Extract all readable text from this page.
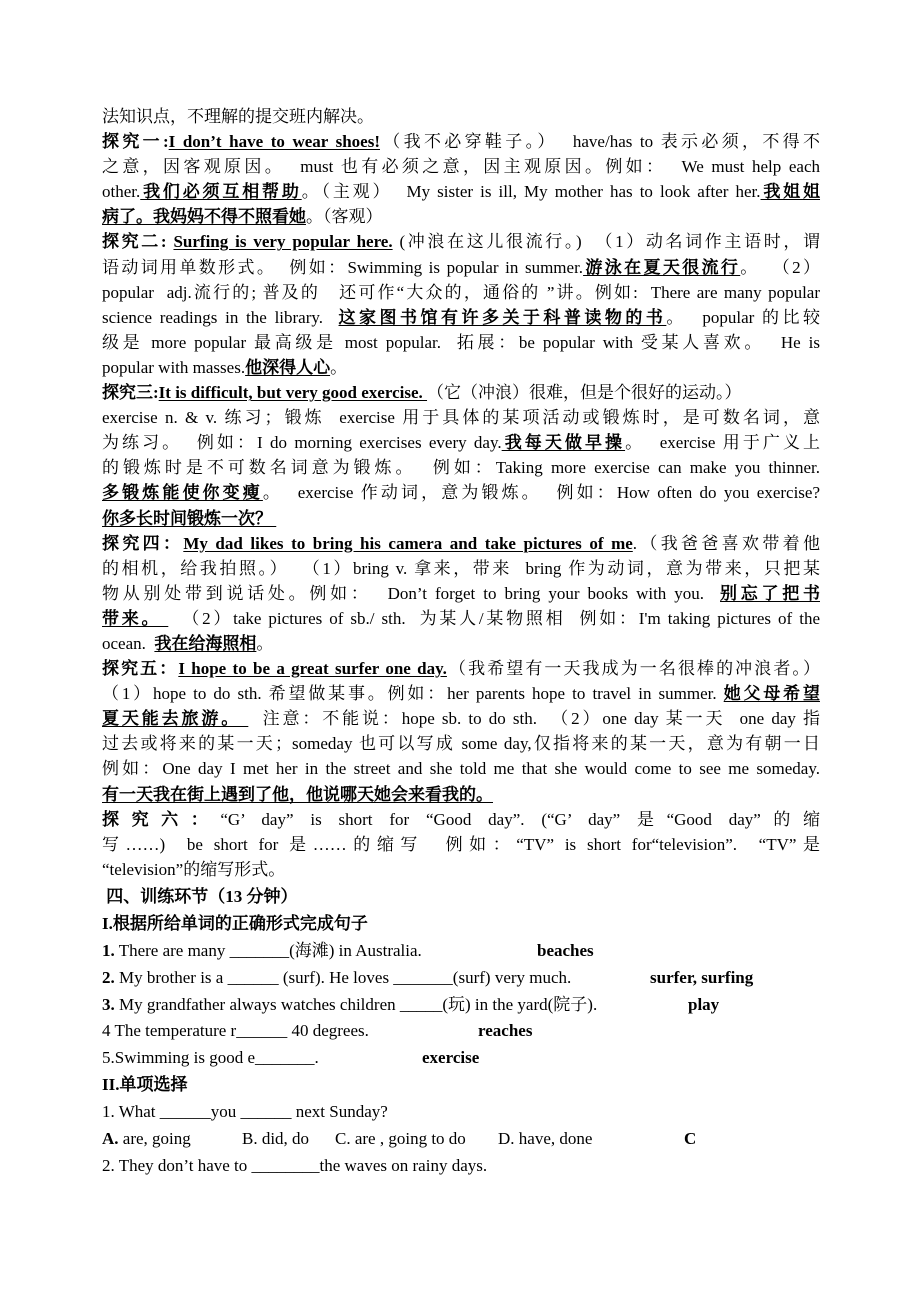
法知识点，不理解的提交班内解决。
探究一:I don’t have to wear shoes!（我不必穿鞋子。）  have/has to 表示必须，不得不
之意，因客观原因。  must 也有必须之意，因主观原因。例如：  We must help each
other.我们必须互相帮助。（主观）  My sister is ill, My mother has to look after her.我姐姐
病了。我妈妈不得不照看她。（客观）
探究二: Surfing is very popular here. (冲浪在这儿很流行。)  （1）动名词作主语时，谓
语动词用单数形式。  例如：Swimming is popular in summer.游泳在夏天很流行。  （2）
popular  adj.流行的; 普及的   还可作“大众的，通俗的 ”讲。例如:  There are many popular
science readings in the library.  这家图书馆有许多关于科普读物的书。  popular 的比较
级是 more popular 最高级是 most popular.  拓展：be popular with 受某人喜欢。  He is
popular with masses.他深得人心。
探究三:It is difficult, but very good exercise. （它（冲浪）很难，但是个很好的运动。）
exercise n. & v. 练习；锻炼  exercise 用于具体的某项活动或锻炼时，是可数名词，意
为练习。  例如：I do morning exercises every day.我每天做早操。  exercise 用于广义上
的锻炼时是不可数名词意为锻炼。  例如：Taking more exercise can make you thinner.
多锻炼能使你变瘦。  exercise 作动词，意为锻炼。  例如：How often do you exercise?
你多长时间锻炼一次？
探究四：My dad likes to bring his camera and take pictures of me.（我爸爸喜欢带着他
的相机，给我拍照。）  （1）bring v. 拿来，带来  bring 作为动词，意为带来，只把某
物从别处带到说话处。例如：  Don’t forget to bring your books with you.  别忘了把书
带来。   （2）take pictures of sb./ sth.  为某人/某物照相  例如：I'm taking pictures of the
ocean.  我在给海照相。
探究五：I hope to be a great surfer one day.（我希望有一天我成为一名很棒的冲浪者。）
（1）hope to do sth. 希望做某事。例如：her parents hope to travel in summer. 她父母希望
夏天能去旅游。   注意：不能说：hope sb. to do sth.  （2）one day 某一天  one day 指
过去或将来的某一天；someday 也可以写成 some day,仅指将来的某一天，意为有朝一日
例如：One day I met her in the street and she told me that she would come to see me someday.
有一天我在街上遇到了他，他说哪天她会来看我的。
探究六：“G’ day” is short for “Good day”. (“G’ day” 是“Good day”的缩
写……)  be short for 是……的缩写  例如：“TV” is short for“television”.  “TV”是
“television”的缩写形式。
四、训练环节（13 分钟）
I.根据所给单词的正确形式完成句子
1. There are many _______(海滩) in Australia.	beaches
2. My brother is a ______ (surf). He loves _______(surf) very much.	surfer, surfing
3. My grandfather always watches children _____(玩) in the yard(院子).	play
4 The temperature r______ 40 degrees.	reaches
5.Swimming is good e_______.	exercise
II.单项选择
1. What ______you ______ next Sunday?

A. are, going

	B. did, do

C. are , going to do

D. have, done

	C

2. They don’t have to ________the waves on rainy days.
